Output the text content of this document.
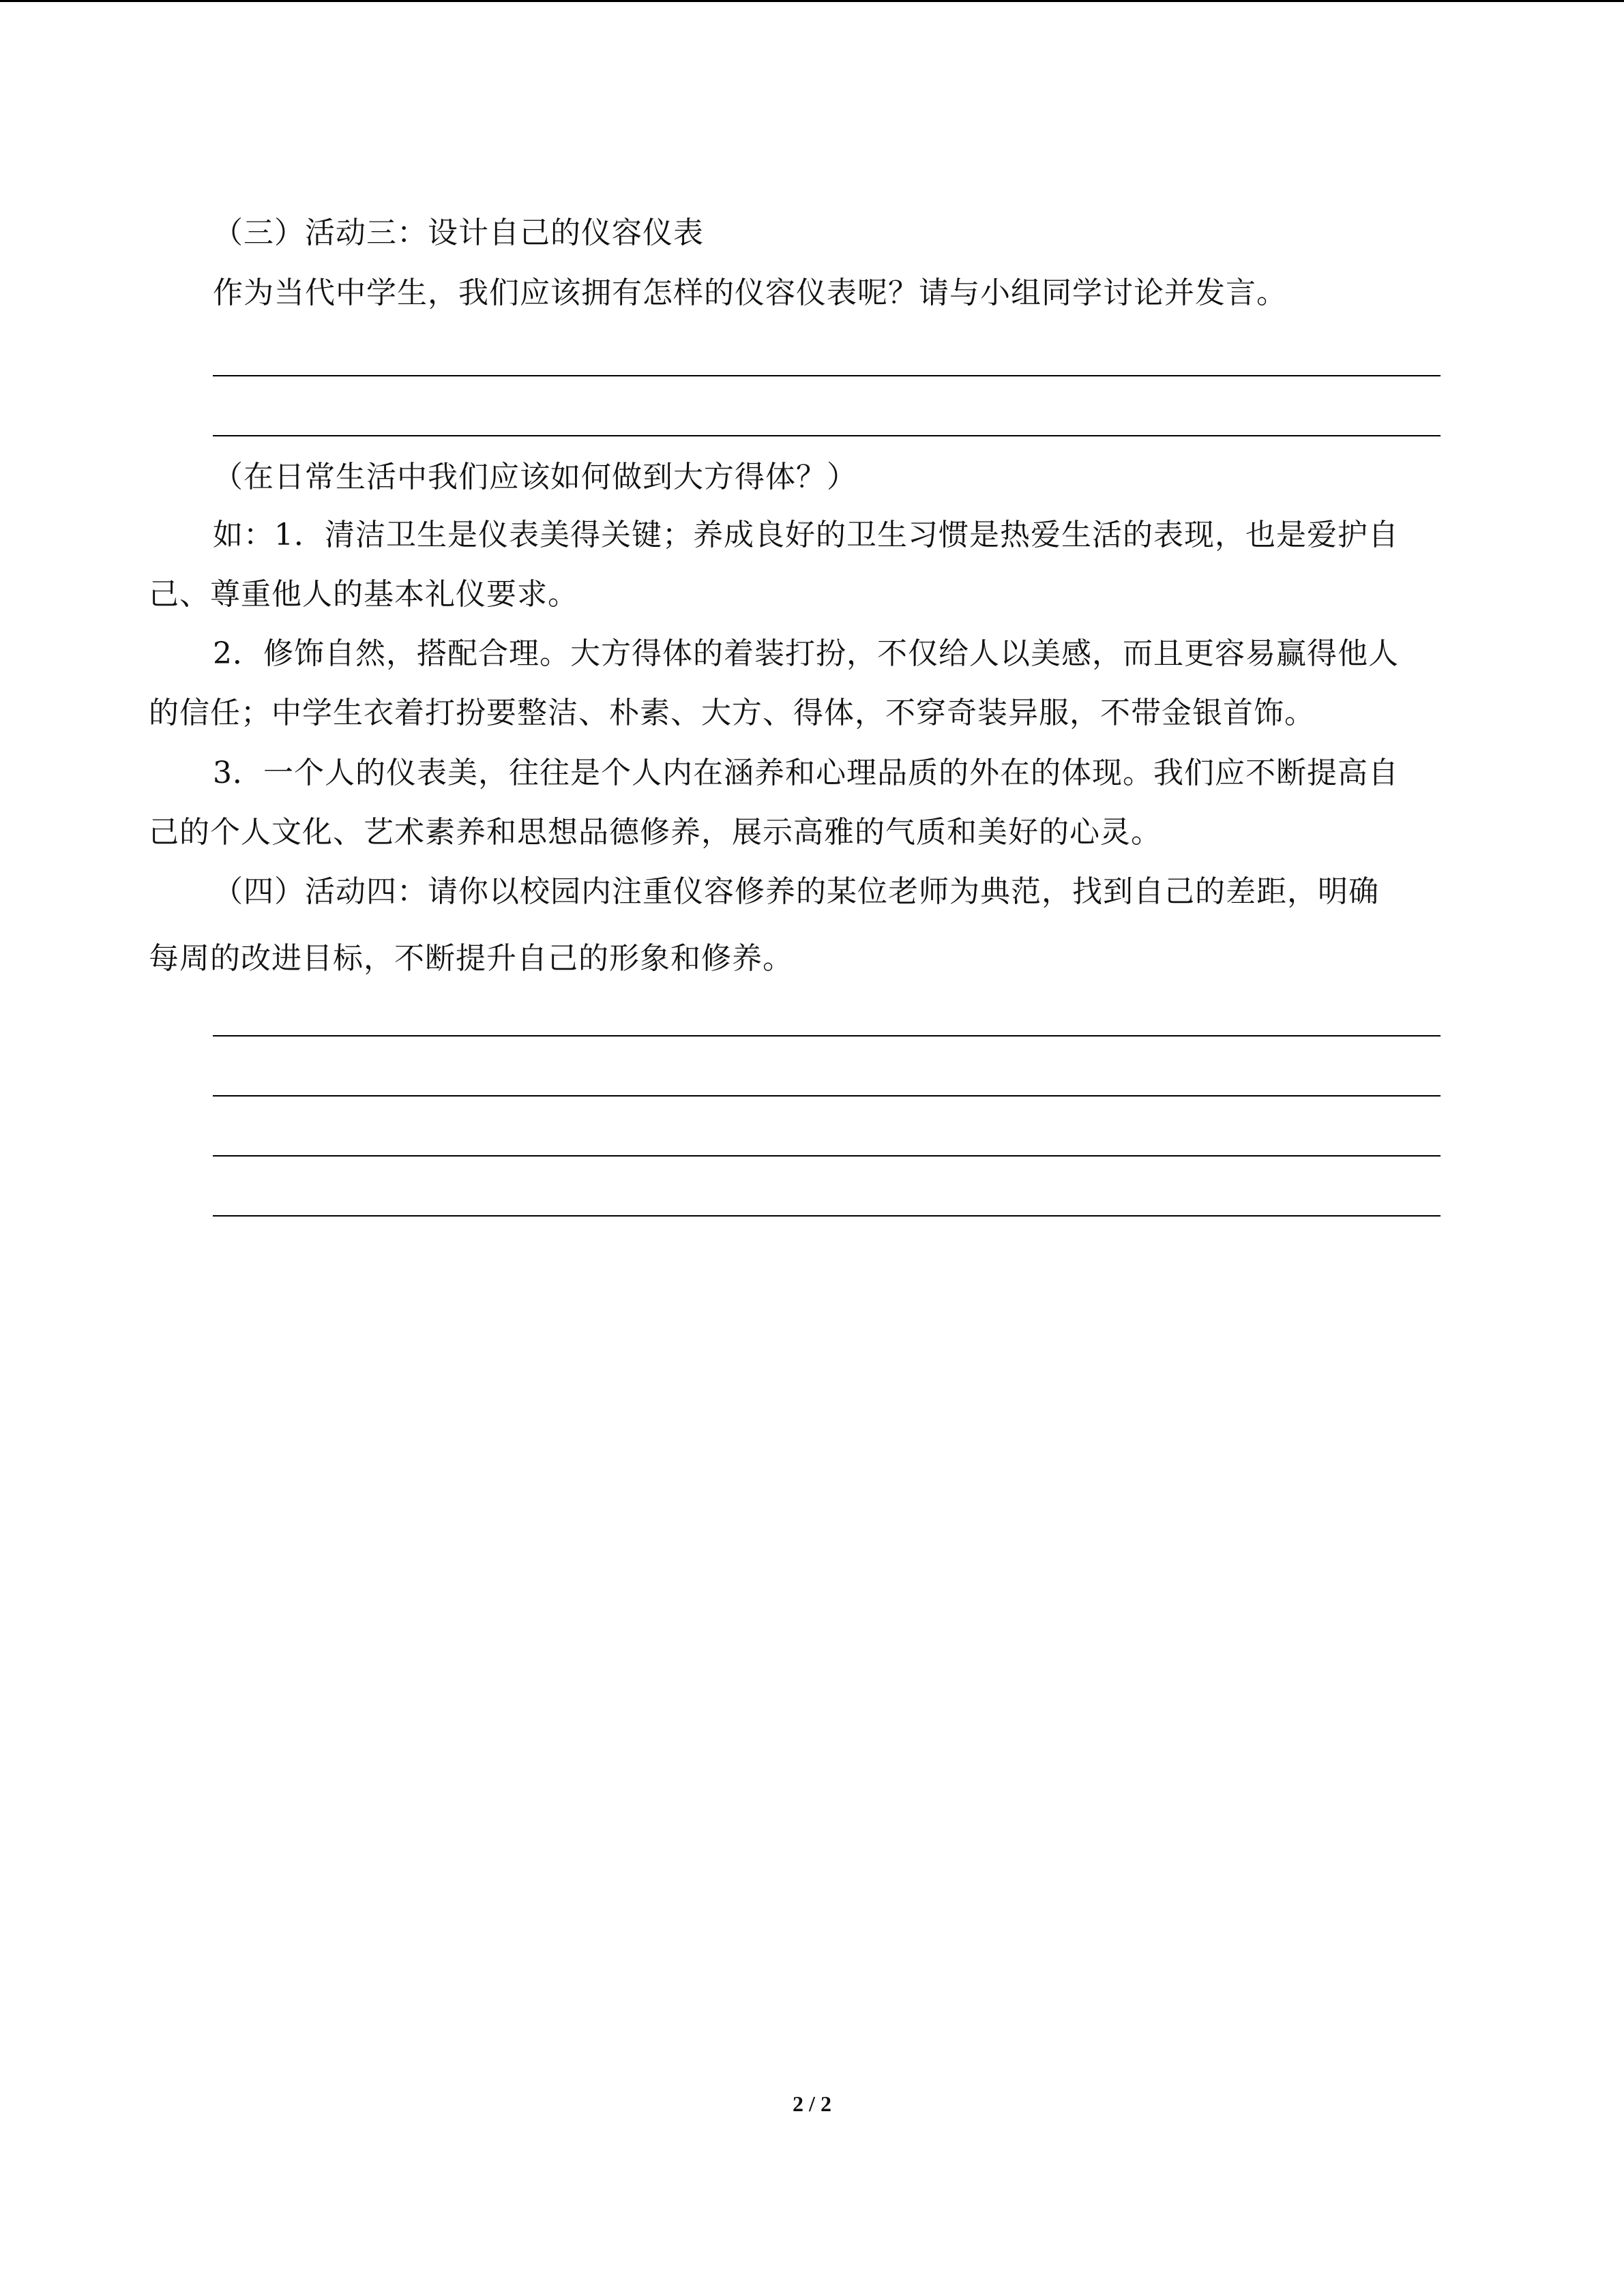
（三）活动三：设计自己的仪容仪表
作为当代中学生，我们应该拥有怎样的仪容仪表呢？请与小组同学讨论并发言。
（在日常生活中我们应该如何做到大方得体？）
如：1．清洁卫生是仪表美得关键；养成良好的卫生习惯是热爱生活的表现，也是爱护自
己、尊重他人的基本礼仪要求。
2．修饰自然，搭配合理。大方得体的着装打扮，不仅给人以美感，而且更容易赢得他人
的信任；中学生衣着打扮要整洁、朴素、大方、得体，不穿奇装异服，不带金银首饰。
3．一个人的仪表美，往往是个人内在涵养和心理品质的外在的体现。我们应不断提高自
己的个人文化、艺术素养和思想品德修养，展示高雅的气质和美好的心灵。
（四）活动四：请你以校园内注重仪容修养的某位老师为典范，找到自己的差距，明确
每周的改进目标，不断提升自己的形象和修养。
2 / 2
